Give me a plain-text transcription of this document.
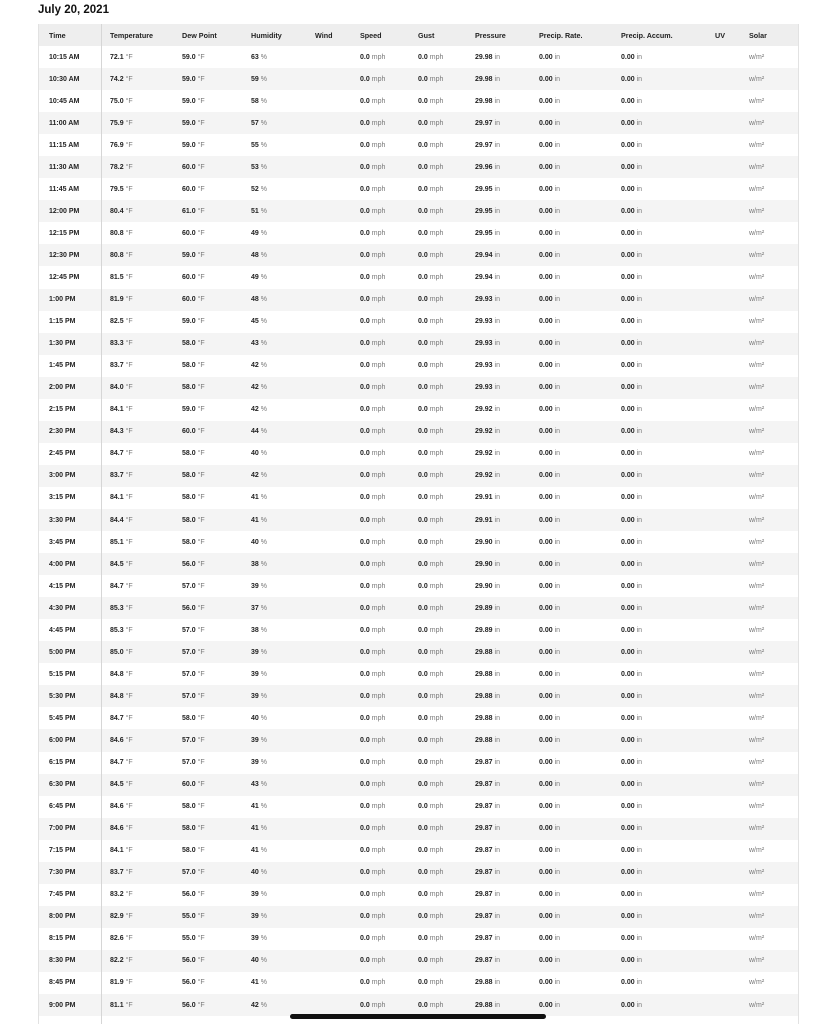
July 20, 2021
Time	Temperature	Dew Point	Humidity	Wind	Speed	Gust	Pressure	Precip. Rate.	Precip. Accum.	UV	Solar
10:15 AM	72.1 °F	59.0 °F	63 %		0.0 mph	0.0 mph	29.98 in	0.00 in	0.00 in		w/m²
10:30 AM	74.2 °F	59.0 °F	59 %		0.0 mph	0.0 mph	29.98 in	0.00 in	0.00 in		w/m²
10:45 AM	75.0 °F	59.0 °F	58 %		0.0 mph	0.0 mph	29.98 in	0.00 in	0.00 in		w/m²
11:00 AM	75.9 °F	59.0 °F	57 %		0.0 mph	0.0 mph	29.97 in	0.00 in	0.00 in		w/m²
11:15 AM	76.9 °F	59.0 °F	55 %		0.0 mph	0.0 mph	29.97 in	0.00 in	0.00 in		w/m²
11:30 AM	78.2 °F	60.0 °F	53 %		0.0 mph	0.0 mph	29.96 in	0.00 in	0.00 in		w/m²
11:45 AM	79.5 °F	60.0 °F	52 %		0.0 mph	0.0 mph	29.95 in	0.00 in	0.00 in		w/m²
12:00 PM	80.4 °F	61.0 °F	51 %		0.0 mph	0.0 mph	29.95 in	0.00 in	0.00 in		w/m²
12:15 PM	80.8 °F	60.0 °F	49 %		0.0 mph	0.0 mph	29.95 in	0.00 in	0.00 in		w/m²
12:30 PM	80.8 °F	59.0 °F	48 %		0.0 mph	0.0 mph	29.94 in	0.00 in	0.00 in		w/m²
12:45 PM	81.5 °F	60.0 °F	49 %		0.0 mph	0.0 mph	29.94 in	0.00 in	0.00 in		w/m²
1:00 PM	81.9 °F	60.0 °F	48 %		0.0 mph	0.0 mph	29.93 in	0.00 in	0.00 in		w/m²
1:15 PM	82.5 °F	59.0 °F	45 %		0.0 mph	0.0 mph	29.93 in	0.00 in	0.00 in		w/m²
1:30 PM	83.3 °F	58.0 °F	43 %		0.0 mph	0.0 mph	29.93 in	0.00 in	0.00 in		w/m²
1:45 PM	83.7 °F	58.0 °F	42 %		0.0 mph	0.0 mph	29.93 in	0.00 in	0.00 in		w/m²
2:00 PM	84.0 °F	58.0 °F	42 %		0.0 mph	0.0 mph	29.93 in	0.00 in	0.00 in		w/m²
2:15 PM	84.1 °F	59.0 °F	42 %		0.0 mph	0.0 mph	29.92 in	0.00 in	0.00 in		w/m²
2:30 PM	84.3 °F	60.0 °F	44 %		0.0 mph	0.0 mph	29.92 in	0.00 in	0.00 in		w/m²
2:45 PM	84.7 °F	58.0 °F	40 %		0.0 mph	0.0 mph	29.92 in	0.00 in	0.00 in		w/m²
3:00 PM	83.7 °F	58.0 °F	42 %		0.0 mph	0.0 mph	29.92 in	0.00 in	0.00 in		w/m²
3:15 PM	84.1 °F	58.0 °F	41 %		0.0 mph	0.0 mph	29.91 in	0.00 in	0.00 in		w/m²
3:30 PM	84.4 °F	58.0 °F	41 %		0.0 mph	0.0 mph	29.91 in	0.00 in	0.00 in		w/m²
3:45 PM	85.1 °F	58.0 °F	40 %		0.0 mph	0.0 mph	29.90 in	0.00 in	0.00 in		w/m²
4:00 PM	84.5 °F	56.0 °F	38 %		0.0 mph	0.0 mph	29.90 in	0.00 in	0.00 in		w/m²
4:15 PM	84.7 °F	57.0 °F	39 %		0.0 mph	0.0 mph	29.90 in	0.00 in	0.00 in		w/m²
4:30 PM	85.3 °F	56.0 °F	37 %		0.0 mph	0.0 mph	29.89 in	0.00 in	0.00 in		w/m²
4:45 PM	85.3 °F	57.0 °F	38 %		0.0 mph	0.0 mph	29.89 in	0.00 in	0.00 in		w/m²
5:00 PM	85.0 °F	57.0 °F	39 %		0.0 mph	0.0 mph	29.88 in	0.00 in	0.00 in		w/m²
5:15 PM	84.8 °F	57.0 °F	39 %		0.0 mph	0.0 mph	29.88 in	0.00 in	0.00 in		w/m²
5:30 PM	84.8 °F	57.0 °F	39 %		0.0 mph	0.0 mph	29.88 in	0.00 in	0.00 in		w/m²
5:45 PM	84.7 °F	58.0 °F	40 %		0.0 mph	0.0 mph	29.88 in	0.00 in	0.00 in		w/m²
6:00 PM	84.6 °F	57.0 °F	39 %		0.0 mph	0.0 mph	29.88 in	0.00 in	0.00 in		w/m²
6:15 PM	84.7 °F	57.0 °F	39 %		0.0 mph	0.0 mph	29.87 in	0.00 in	0.00 in		w/m²
6:30 PM	84.5 °F	60.0 °F	43 %		0.0 mph	0.0 mph	29.87 in	0.00 in	0.00 in		w/m²
6:45 PM	84.6 °F	58.0 °F	41 %		0.0 mph	0.0 mph	29.87 in	0.00 in	0.00 in		w/m²
7:00 PM	84.6 °F	58.0 °F	41 %		0.0 mph	0.0 mph	29.87 in	0.00 in	0.00 in		w/m²
7:15 PM	84.1 °F	58.0 °F	41 %		0.0 mph	0.0 mph	29.87 in	0.00 in	0.00 in		w/m²
7:30 PM	83.7 °F	57.0 °F	40 %		0.0 mph	0.0 mph	29.87 in	0.00 in	0.00 in		w/m²
7:45 PM	83.2 °F	56.0 °F	39 %		0.0 mph	0.0 mph	29.87 in	0.00 in	0.00 in		w/m²
8:00 PM	82.9 °F	55.0 °F	39 %		0.0 mph	0.0 mph	29.87 in	0.00 in	0.00 in		w/m²
8:15 PM	82.6 °F	55.0 °F	39 %		0.0 mph	0.0 mph	29.87 in	0.00 in	0.00 in		w/m²
8:30 PM	82.2 °F	56.0 °F	40 %		0.0 mph	0.0 mph	29.87 in	0.00 in	0.00 in		w/m²
8:45 PM	81.9 °F	56.0 °F	41 %		0.0 mph	0.0 mph	29.88 in	0.00 in	0.00 in		w/m²
9:00 PM	81.1 °F	56.0 °F	42 %		0.0 mph	0.0 mph	29.88 in	0.00 in	0.00 in		w/m²
